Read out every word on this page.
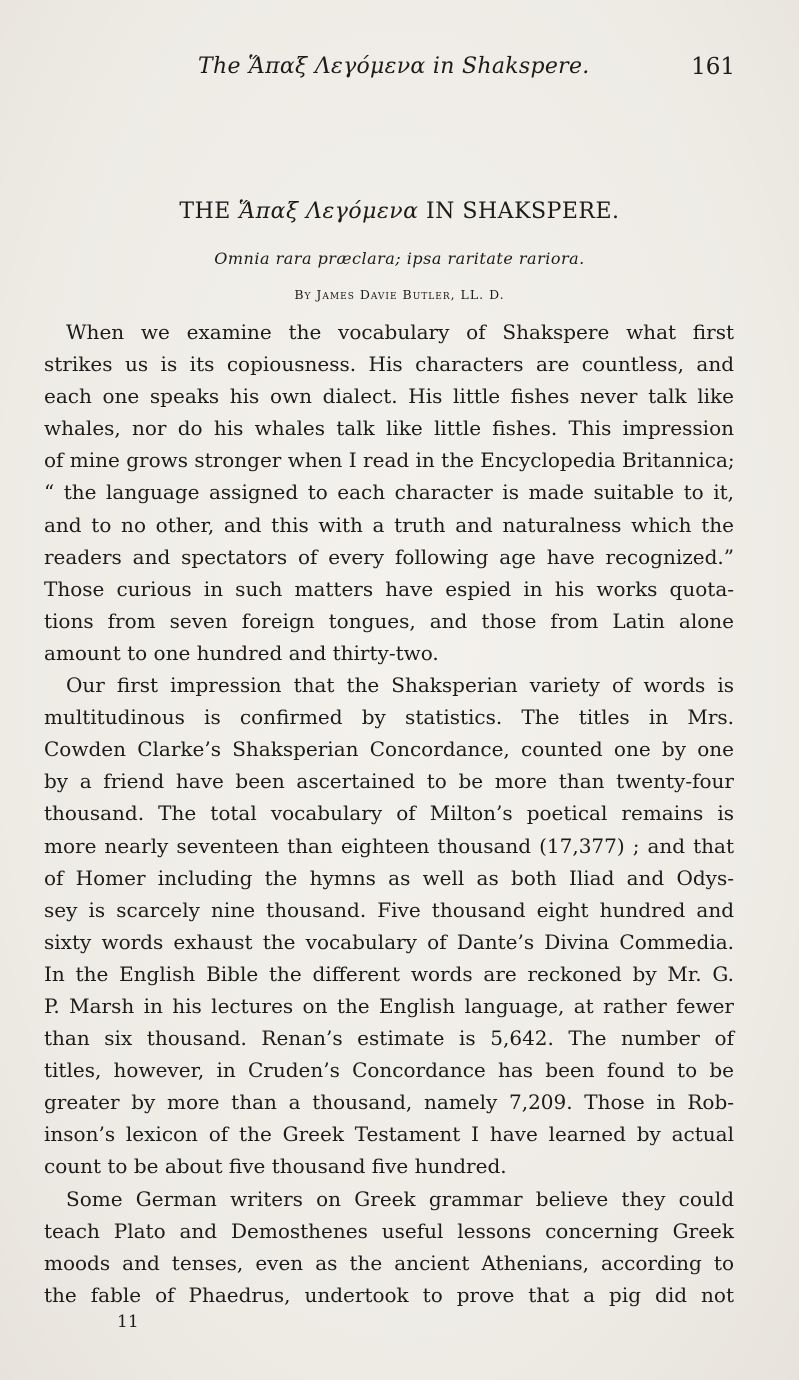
The Ἅπαξ Λεγόμενα in Shakspere.	161
THE Ἅπαξ Λεγόμενα IN SHAKSPERE.
Omnia rara præclara; ipsa raritate rariora.
By James Davie Butler, LL. D.
When we examine the vocabulary of Shakspere what first
strikes us is its copiousness. His characters are countless, and
each one speaks his own dialect. His little fishes never talk like
whales, nor do his whales talk like little fishes. This impression
of mine grows stronger when I read in the Encyclopedia Britannica;
“ the language assigned to each character is made suitable to it,
and to no other, and this with a truth and naturalness which the
readers and spectators of every following age have recognized.”
Those curious in such matters have espied in his works quota-
tions from seven foreign tongues, and those from Latin alone
amount to one hundred and thirty-two.
Our first impression that the Shaksperian variety of words is
multitudinous is confirmed by statistics. The titles in Mrs.
Cowden Clarke’s Shaksperian Concordance, counted one by one
by a friend have been ascertained to be more than twenty-four
thousand. The total vocabulary of Milton’s poetical remains is
more nearly seventeen than eighteen thousand (17,377) ; and that
of Homer including the hymns as well as both Iliad and Odys-
sey is scarcely nine thousand. Five thousand eight hundred and
sixty words exhaust the vocabulary of Dante’s Divina Commedia.
In the English Bible the different words are reckoned by Mr. G.
P. Marsh in his lectures on the English language, at rather fewer
than six thousand. Renan’s estimate is 5,642. The number of
titles, however, in Cruden’s Concordance has been found to be
greater by more than a thousand, namely 7,209. Those in Rob-
inson’s lexicon of the Greek Testament I have learned by actual
count to be about five thousand five hundred.
Some German writers on Greek grammar believe they could
teach Plato and Demosthenes useful lessons concerning Greek
moods and tenses, even as the ancient Athenians, according to
the fable of Phaedrus, undertook to prove that a pig did not
11
